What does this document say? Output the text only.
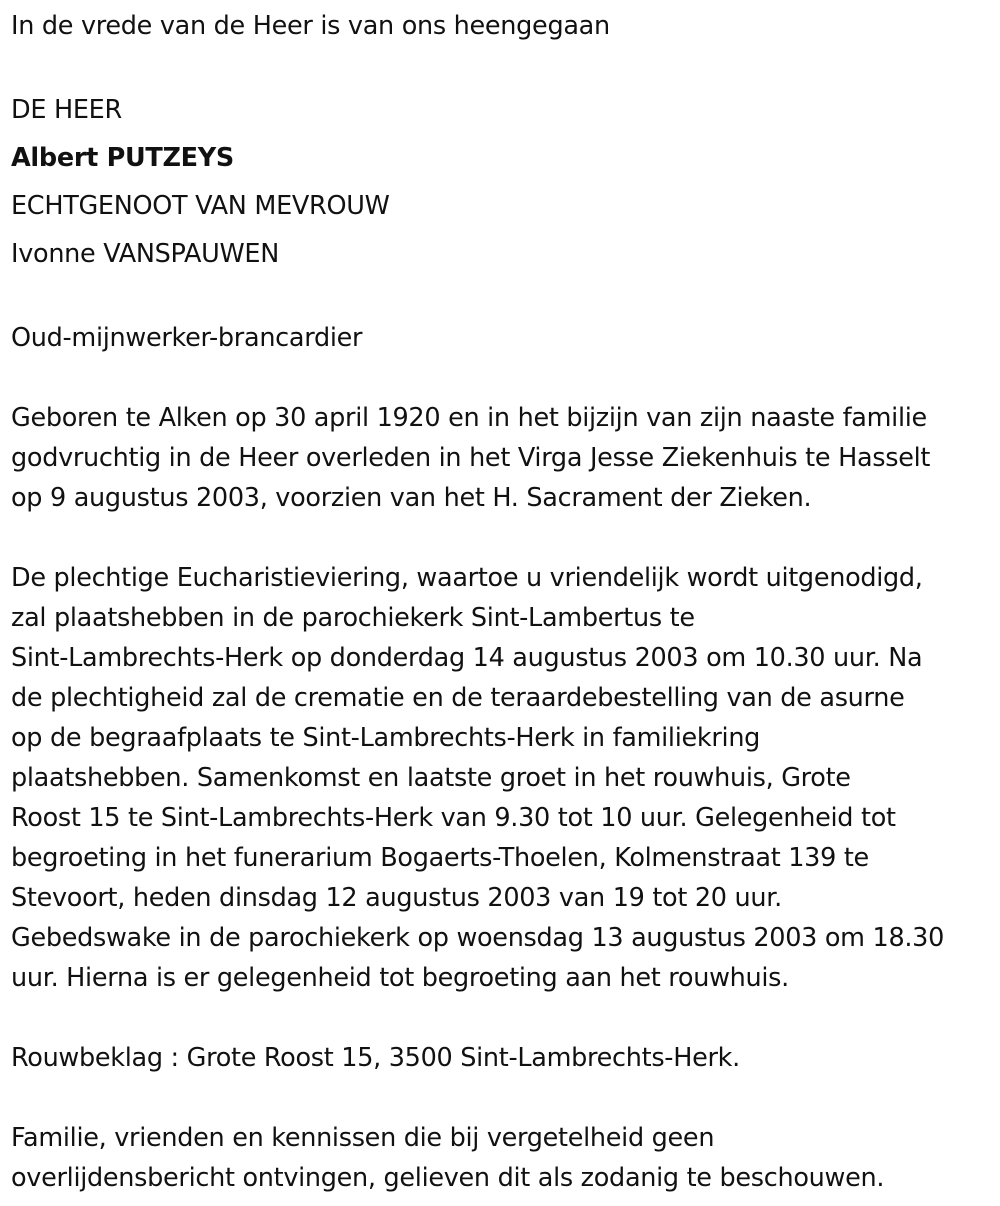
In de vrede van de Heer is van ons heengegaan
DE HEER
Albert PUTZEYS
ECHTGENOOT VAN MEVROUW
Ivonne VANSPAUWEN
Oud-mijnwerker-brancardier
Geboren te Alken op 30 april 1920 en in het bijzijn van zijn naaste familie
godvruchtig in de Heer overleden in het Virga Jesse Ziekenhuis te Hasselt
op 9 augustus 2003, voorzien van het H. Sacrament der Zieken.
De plechtige Eucharistieviering, waartoe u vriendelijk wordt uitgenodigd,
zal plaatshebben in de parochiekerk Sint-Lambertus te
Sint-Lambrechts-Herk op donderdag 14 augustus 2003 om 10.30 uur. Na
de plechtigheid zal de crematie en de teraardebestelling van de asurne
op de begraafplaats te Sint-Lambrechts-Herk in familiekring
plaatshebben. Samenkomst en laatste groet in het rouwhuis, Grote
Roost 15 te Sint-Lambrechts-Herk van 9.30 tot 10 uur. Gelegenheid tot
begroeting in het funerarium Bogaerts-Thoelen, Kolmenstraat 139 te
Stevoort, heden dinsdag 12 augustus 2003 van 19 tot 20 uur.
Gebedswake in de parochiekerk op woensdag 13 augustus 2003 om 18.30
uur. Hierna is er gelegenheid tot begroeting aan het rouwhuis.
Rouwbeklag : Grote Roost 15, 3500 Sint-Lambrechts-Herk.
Familie, vrienden en kennissen die bij vergetelheid geen
overlijdensbericht ontvingen, gelieven dit als zodanig te beschouwen.
